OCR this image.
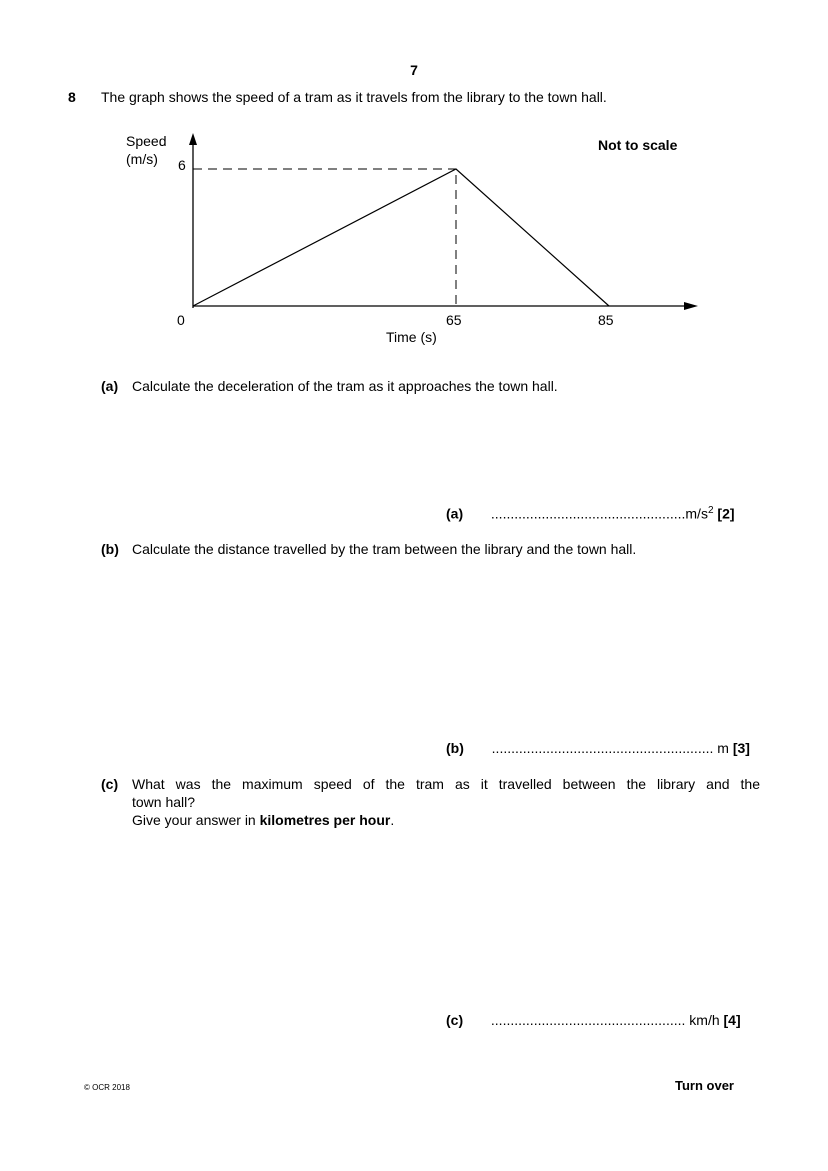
7
8 The graph shows the speed of a tram as it travels from the library to the town hall.
Speed
(m/s)
Not to scale
6
0	65	85
Time (s)
(a) Calculate the deceleration of the tram as it approaches the town hall.
(a) $..................................................m/s^2$ [2]
(b) Calculate the distance travelled by the tram between the library and the town hall.
(b) ......................................................... m [3]
(c) What was the maximum speed of the tram as it travelled between the library and the
town hall?
Give your answer in kilometres per hour.
(c) .................................................. km/h [4]
© OCR 2018	Turn over
